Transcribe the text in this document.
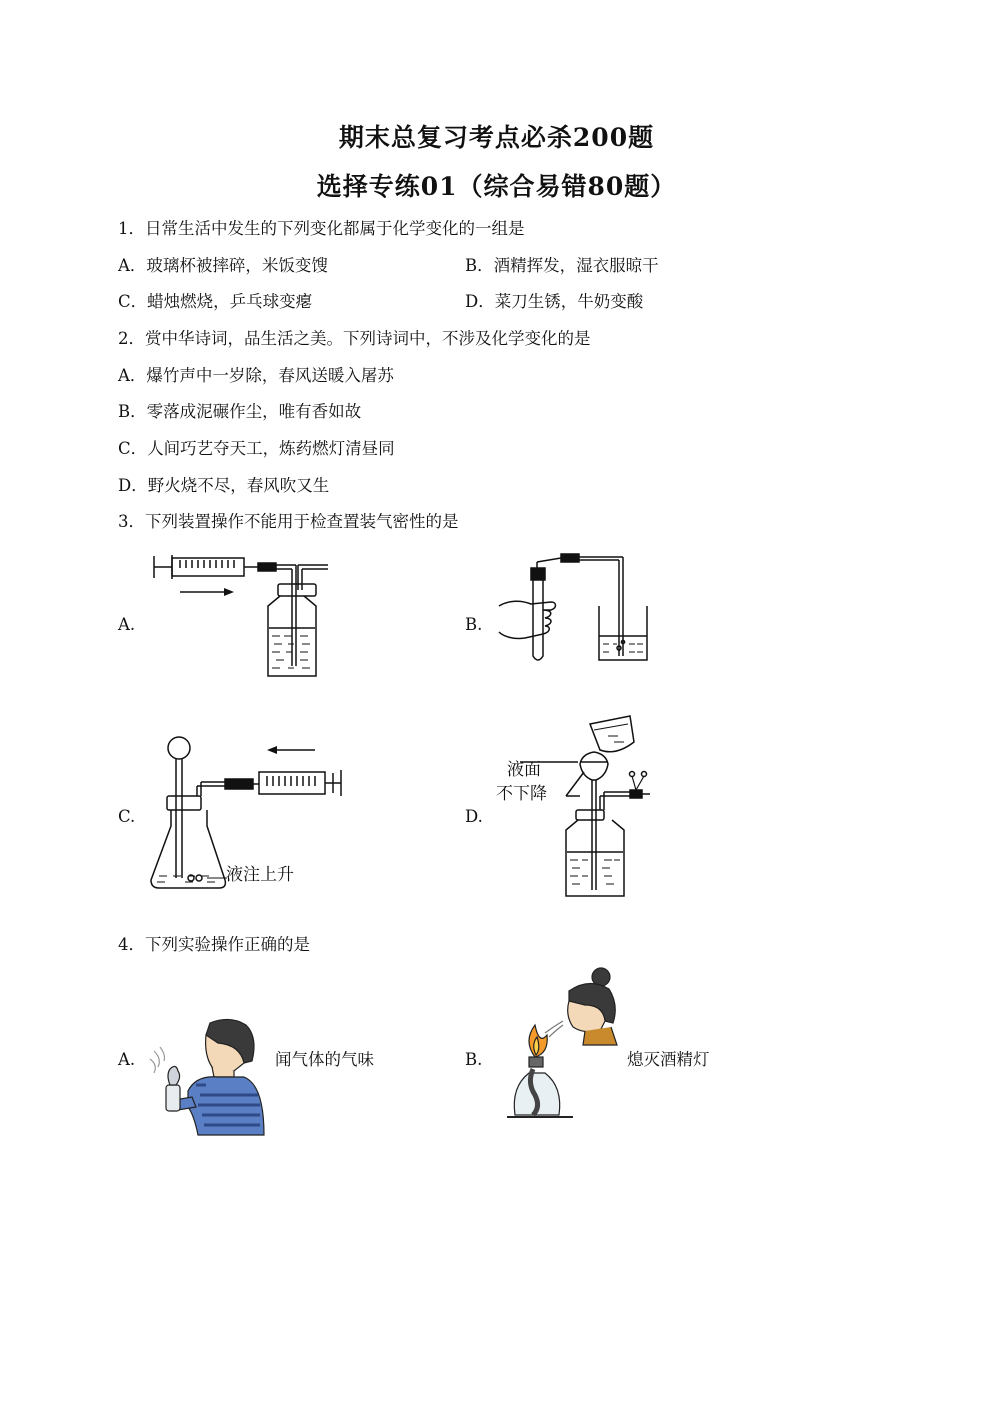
期末总复习考点必杀200题
选择专练01（综合易错80题）
1．日常生活中发生的下列变化都属于化学变化的一组是
A．玻璃杯被摔碎，米饭变馊	B．酒精挥发，湿衣服晾干
C．蜡烛燃烧，乒乓球变瘪	D．菜刀生锈，牛奶变酸
2．赏中华诗词，品生活之美。下列诗词中，不涉及化学变化的是
A．爆竹声中一岁除，春风送暖入屠苏
B．零落成泥碾作尘，唯有香如故
C．人间巧艺夺天工，炼药燃灯清昼同
D．野火烧不尽，春风吹又生
3．下列装置操作不能用于检查置装气密性的是
A.	B.
C.	D.
液注上升
液面
不下降
4．下列实验操作正确的是
A.	B.
闻气体的气味	熄灭酒精灯
